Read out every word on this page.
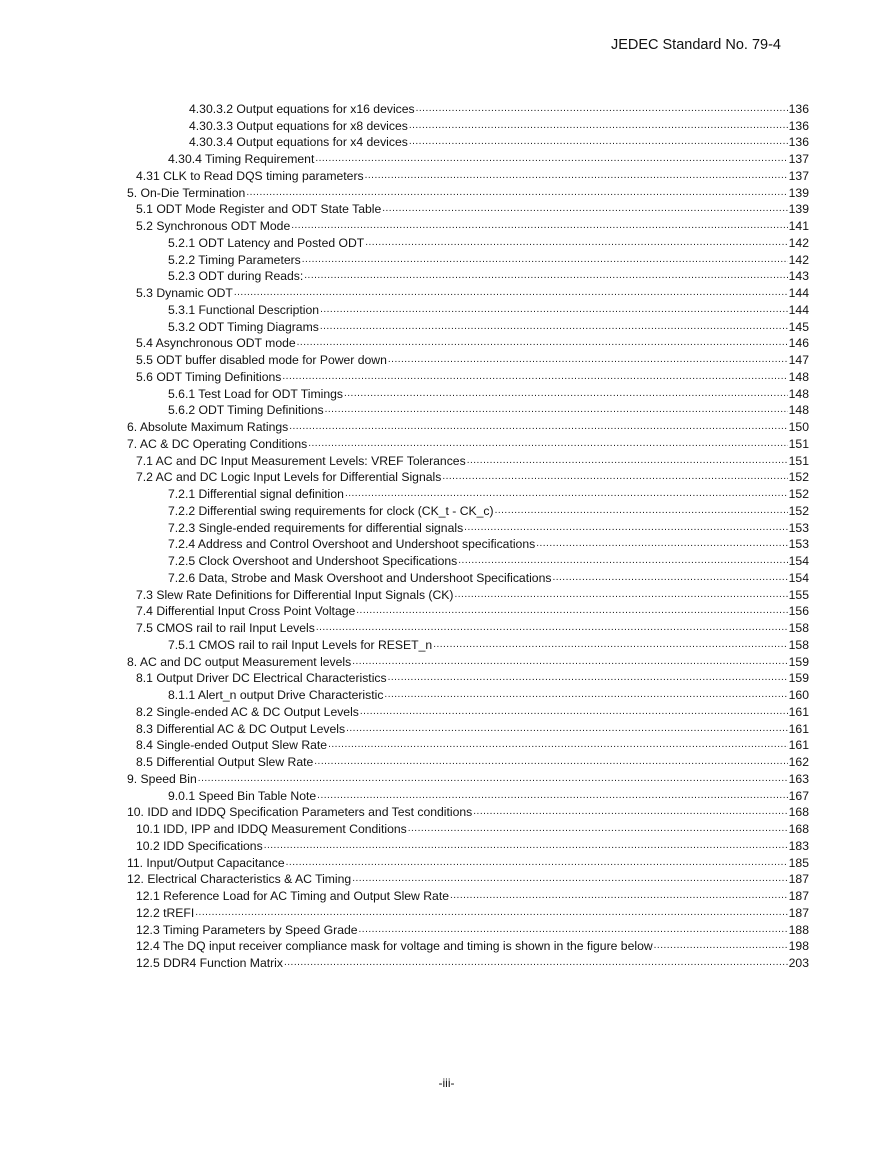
JEDEC Standard No. 79-4
4.30.3.2 Output equations for x16 devices .....	136
4.30.3.3 Output equations for x8 devices .....	136
4.30.3.4 Output equations for x4 devices .....	136
4.30.4 Timing Requirement .....	137
4.31 CLK to Read DQS timing parameters .....	137
5. On-Die Termination .....	139
5.1 ODT Mode Register and ODT State Table .....	139
5.2 Synchronous ODT Mode .....	141
5.2.1 ODT Latency and Posted ODT .....	142
5.2.2 Timing Parameters .....	142
5.2.3 ODT during Reads: .....	143
5.3 Dynamic ODT .....	144
5.3.1 Functional Description .....	144
5.3.2 ODT Timing Diagrams .....	145
5.4 Asynchronous ODT mode .....	146
5.5 ODT buffer disabled mode for Power down .....	147
5.6 ODT Timing Definitions .....	148
5.6.1 Test Load for ODT Timings .....	148
5.6.2 ODT Timing Definitions .....	148
6. Absolute Maximum Ratings .....	150
7. AC & DC Operating Conditions .....	151
7.1 AC and DC Input Measurement Levels: VREF Tolerances .....	151
7.2 AC and DC Logic Input Levels for Differential Signals .....	152
7.2.1 Differential signal definition .....	152
7.2.2 Differential swing requirements for clock (CK_t - CK_c) .....	152
7.2.3 Single-ended requirements for differential signals .....	153
7.2.4 Address and Control Overshoot and Undershoot specifications .....	153
7.2.5 Clock Overshoot and Undershoot Specifications .....	154
7.2.6 Data, Strobe and Mask Overshoot and Undershoot Specifications .....	154
7.3 Slew Rate Definitions for Differential Input Signals (CK) .....	155
7.4 Differential Input Cross Point Voltage .....	156
7.5 CMOS rail to rail Input Levels .....	158
7.5.1 CMOS rail to rail Input Levels for RESET_n .....	158
8. AC and DC output Measurement levels .....	159
8.1 Output Driver DC Electrical Characteristics .....	159
8.1.1 Alert_n output Drive Characteristic .....	160
8.2 Single-ended AC & DC Output Levels .....	161
8.3 Differential AC & DC Output Levels .....	161
8.4 Single-ended Output Slew Rate .....	161
8.5 Differential Output Slew Rate .....	162
9. Speed Bin .....	163
9.0.1 Speed Bin Table Note .....	167
10. IDD and IDDQ Specification Parameters and Test conditions .....	168
10.1 IDD, IPP and IDDQ Measurement Conditions .....	168
10.2 IDD Specifications .....	183
11. Input/Output Capacitance .....	185
12. Electrical Characteristics & AC Timing .....	187
12.1 Reference Load for AC Timing and Output Slew Rate .....	187
12.2 tREFI .....	187
12.3 Timing Parameters by Speed Grade .....	188
12.4 The DQ input receiver compliance mask for voltage and timing is shown in the figure below .....	198
12.5 DDR4 Function Matrix .....	203
-iii-
